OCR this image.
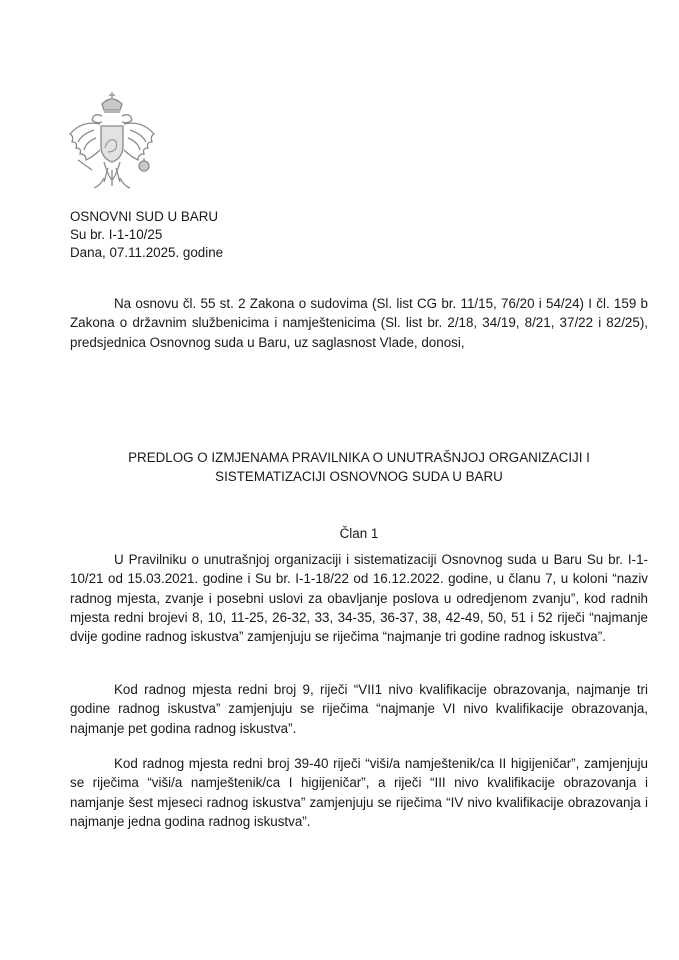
OSNOVNI SUD U BARU
Su br. I-1-10/25
Dana, 07.11.2025. godine

Na osnovu čl. 55 st. 2 Zakona o sudovima (Sl. list CG br. 11/15, 76/20 i 54/24) I čl. 159 b Zakona o državnim službenicima i namještenicima (Sl. list br. 2/18, 34/19, 8/21, 37/22 i 82/25), predsjednica Osnovnog suda u Baru, uz saglasnost Vlade, donosi,

PREDLOG O IZMJENAMA PRAVILNIKA O UNUTRAŠNJOJ ORGANIZACIJI I
SISTEMATIZACIJI OSNOVNOG SUDA U BARU
Član 1

U Pravilniku o unutrašnjoj organizaciji i sistematizaciji Osnovnog suda u Baru Su br. I-1-10/21 od 15.03.2021. godine i Su br. I-1-18/22 od 16.12.2022. godine, u članu 7, u koloni “naziv radnog mjesta, zvanje i posebni uslovi za obavljanje poslova u odredjenom zvanju”, kod radnih mjesta redni brojevi 8, 10, 11-25, 26-32, 33, 34-35, 36-37, 38, 42-49, 50, 51 i 52 riječi “najmanje dvije godine radnog iskustva” zamjenjuju se riječima “najmanje tri godine radnog iskustva”.

Kod radnog mjesta redni broj 9, riječi “VII1 nivo kvalifikacije obrazovanja, najmanje tri godine radnog iskustva” zamjenjuju se riječima “najmanje VI nivo kvalifikacije obrazovanja, najmanje pet godina radnog iskustva”.

Kod radnog mjesta redni broj 39-40 riječi “viši/a namještenik/ca II higijeničar”, zamjenjuju se riječima “viši/a namještenik/ca I higijeničar”, a riječi “III nivo kvalifikacije obrazovanja i namjanje šest mjeseci radnog iskustva” zamjenjuju se riječima “IV nivo kvalifikacije obrazovanja i najmanje jedna godina radnog iskustva”.
